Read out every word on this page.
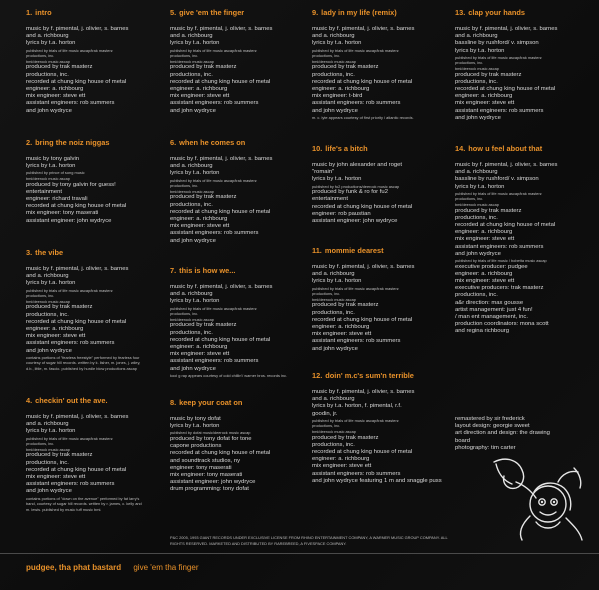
1. intro
music by f. pimental, j. olivier, s. barnes
and a. richbourg
lyrics by t.a. horton
published by trials of life music ascap/trak masterz
productions, inc.
bmi/deerock music ascap
produced by trak masterz
productions, inc.
recorded at chung king house of metal
engineer: a. richbourg
mix engineer: steve ett
assistant engineers: rob summers
and john wydryce
2. bring the noiz niggas
music by tony galvin
lyrics by t.a. horton
published by prince of song music
bmi/deerock music ascap
produced by tony galvin for guess!
entertainment
engineer: richard travali
recorded at chung king house of metal
mix engineer: tony maserati
assistant engineer: john wydryce
3. the vibe
music by f. pimental, j. olivier, s. barnes
and a. richbourg
lyrics by t.a. horton
published by trials of life music ascap/trak masterz
productions, inc.
bmi/deerock music ascap
produced by trak masterz
productions, inc.
recorded at chung king house of metal
engineer: a. richbourg
mix engineer: steve ett
assistant engineers: rob summers
and john wydryce
contains portions of "fearless freestyle" performed by fearless four
courtesy of sugar hill records. written by k. lisher, m. jones, j. wiley,
d.b., little, m. fascio. published by hurdle blow productions ascap
4. checkin' out the ave.
music by f. pimental, j. olivier, s. barnes
and a. richbourg
lyrics by t.a. horton
published by trials of life music ascap/trak masterz
productions, inc.
bmi/deerock music ascap
produced by trak masterz
productions, inc.
recorded at chung king house of metal
mix engineer: steve ett
assistant engineers: rob summers
and john wydryce
contains portions of "down on the avenue" performed by fat larry's
band, courtesy of sugar hill records. written by r. james, c. kelly and
m. lewis. published by music tuff music bmi.
5. give 'em the finger
music by f. pimental, j. olivier, s. barnes
and a. richbourg
lyrics by t.a. horton
published by trials of life music ascap/trak masterz
productions, inc.
bmi/deerock music ascap
produced by trak masterz
productions, inc.
recorded at chung king house of metal
engineer: a. richbourg
mix engineer: steve ett
assistant engineers: rob summers
and john wydryce
6. when he comes on
music by f. pimental, j. olivier, s. barnes
and a. richbourg
lyrics by t.a. horton
published by trials of life music ascap/trak masterz
productions, inc.
bmi/deerock music ascap
produced by trak masterz
productions, inc.
recorded at chung king house of metal
engineer: a. richbourg
mix engineer: steve ett
assistant engineers: rob summers
and john wydryce
7. this is how we...
music by f. pimental, j. olivier, s. barnes
and a. richbourg
lyrics by t.a. horton
published by trials of life music ascap/trak masterz
productions, inc.
bmi/deerock music ascap
produced by trak masterz
productions, inc.
recorded at chung king house of metal
engineer: a. richbourg
mix engineer: steve ett
assistant engineers: rob summers
and john wydryce
kool g rap appears courtesy of cold chillin'/ warner bros. records inc.
8. keep your coat on
music by tony dofat
lyrics by t.a. horton
published by dofat music/deerock music ascap
produced by tony dofat for tone
capone productions
recorded at chung king house of metal
and soundtrack studios, ny
engineer: tony maserati
mix engineer: tony maserati
assistant engineer: john wydryce
drum programming: tony dofat
9. lady in my life (remix)
music by f. pimental, j. olivier, s. barnes
and a. richbourg
lyrics by t.a. horton
published by trials of life music ascap/trak masterz
productions, inc.
bmi/deerock music ascap
produced by trak masterz
productions, inc.
recorded at chung king house of metal
engineer: a. richbourg
mix engineer: t-bird
assistant engineers: rob summers
and john wydryce
m. c. lyte appears courtesy of first priority / atlantic records.
10. life's a bitch
music by john alexander and roget
"romain"
lyrics by t.a. horton
published by fu2 productions/deerock music ascap
produced by funk & ro for fu2
entertainment
recorded at chung king house of metal
engineer: rob paustian
assistant engineer: john wydryce
11. mommie dearest
music by f. pimental, j. olivier, s. barnes
and a. richbourg
lyrics by t.a. horton
published by trials of life music ascap/trak masterz
productions, inc.
bmi/deerock music ascap
produced by trak masterz
productions, inc.
recorded at chung king house of metal
engineer: a. richbourg
mix engineer: steve ett
assistant engineers: rob summers
and john wydryce
12. doin' m.c's sum'n terrible
music by f. pimental, j. olivier, s. barnes
and a. richbourg
lyrics by t.a. horton, f. pimental, r.f.
goodin, jr.
published by trials of life music ascap/trak masterz
productions, inc.
bmi/deerock music ascap
produced by trak masterz
productions, inc.
recorded at chung king house of metal
engineer: a. richbourg
mix engineer: steve ett
assistant engineers: rob summers
and john wydryce featuring 1 m and snaggle puss
13. clap your hands
music by f. pimental, j. olivier, s. barnes
and a. richbourg
bassline by rushford/ v. simpson
lyrics by t.a. horton
published by trials of life music ascap/trak masterz
productions, inc.
bmi/deerock music ascap
produced by trak masterz
productions, inc.
recorded at chung king house of metal
engineer: a. richbourg
mix engineer: steve ett
assistant engineers: rob summers
and john wydryce
14. how u feel about that
music by f. pimental, j. olivier, s. barnes
and a. richbourg
bassline by rushford/ v. simpson
lyrics by t.a. horton
published by trials of life music ascap/trak masterz
productions, inc.
bmi/deerock music ascap
produced by trak masterz
productions, inc.
recorded at chung king house of metal
engineer: a. richbourg
mix engineer: steve ett
assistant engineers: rob summers
and john wydryce
published by trials of life music / bobetta music ascap
executive producer: pudgee
engineer: a. richbourg
mix engineer: steve ett
executive producers: trak masterz
productions, inc.
a&r direction: max gousse
artist management: just 4 fun!
/ man ent management, inc.
production coordinators: mona scott
and regina richbourg
remastered by sir frederick
layout design: georgie sweet
art direction and design: the drawing
board
photography: tim carter
P&C 2005, 1993 GIANT RECORDS UNDER EXCLUSIVE LICENSE FROM RHINO ENTERTAINMENT COMPANY, A WARNER MUSIC GROUP COMPANY. ALL RIGHTS RESERVED. MARKETED AND DISTRIBUTED BY RAREBREED, A FIVESPACE COMPANY.
pudgee, tha phat bastard give 'em tha finger
